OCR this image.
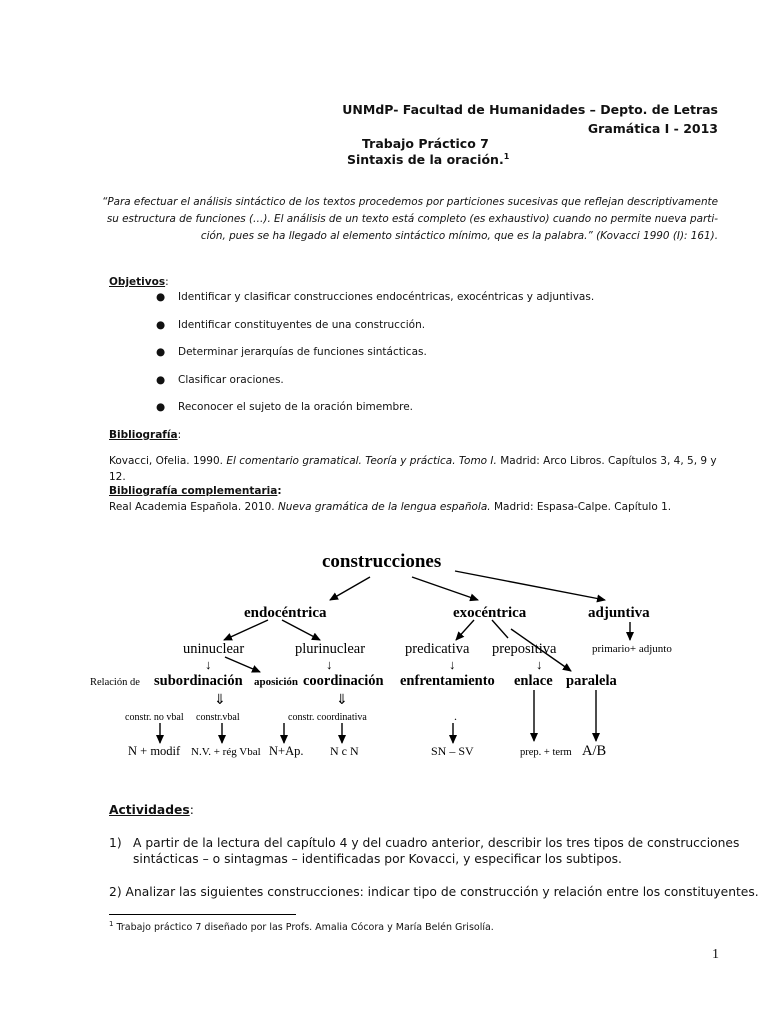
UNMdP- Facultad de Humanidades – Depto. de Letras
Gramática I - 2013
Trabajo Práctico 7
Sintaxis de la oración.$^1$
“Para efectuar el análisis sintáctico de los textos procedemos por particiones sucesivas que reflejan descriptivamente
su estructura de funciones (…). El análisis de un texto está completo (es exhaustivo) cuando no permite nueva parti-
ción, pues se ha llegado al elemento sintáctico mínimo, que es la palabra.” (Kovacci 1990 (I): 161).
Objetivos:
● Identificar y clasificar construcciones endocéntricas, exocéntricas y adjuntivas.
● Identificar constituyentes de una construcción.
● Determinar jerarquías de funciones sintácticas.
● Clasificar oraciones.
● Reconocer el sujeto de la oración bimembre.
Bibliografía:
Kovacci, Ofelia. 1990. El comentario gramatical. Teoría y práctica. Tomo I. Madrid: Arco Libros. Capítulos 3, 4, 5, 9 y
12.
Bibliografía complementaria:
Real Academia Española. 2010. Nueva gramática de la lengua española. Madrid: Espasa-Calpe. Capítulo 1.
construcciones
endocéntrica	exocéntrica	adjuntiva
uninuclear	plurinuclear	predicativa prepositiva	primario+ adjunto
↓	↓	↓	↓
Relación de subordinación aposición coordinación enfrentamiento enlace paralela
⇓	⇓
constr. no vbal constr.vbal	constr. coordinativa	.
N + modif N.V. + rég Vbal N+Ap. N c N	SN – SV	prep. + term A/B
Actividades:
1) A partir de la lectura del capítulo 4 y del cuadro anterior, describir los tres tipos de construcciones
sintácticas – o sintagmas – identificadas por Kovacci, y especificar los subtipos.
2) Analizar las siguientes construcciones: indicar tipo de construcción y relación entre los constituyentes.
$^1$ Trabajo práctico 7 diseñado por las Profs. Amalia Cócora y María Belén Grisolía.
1
